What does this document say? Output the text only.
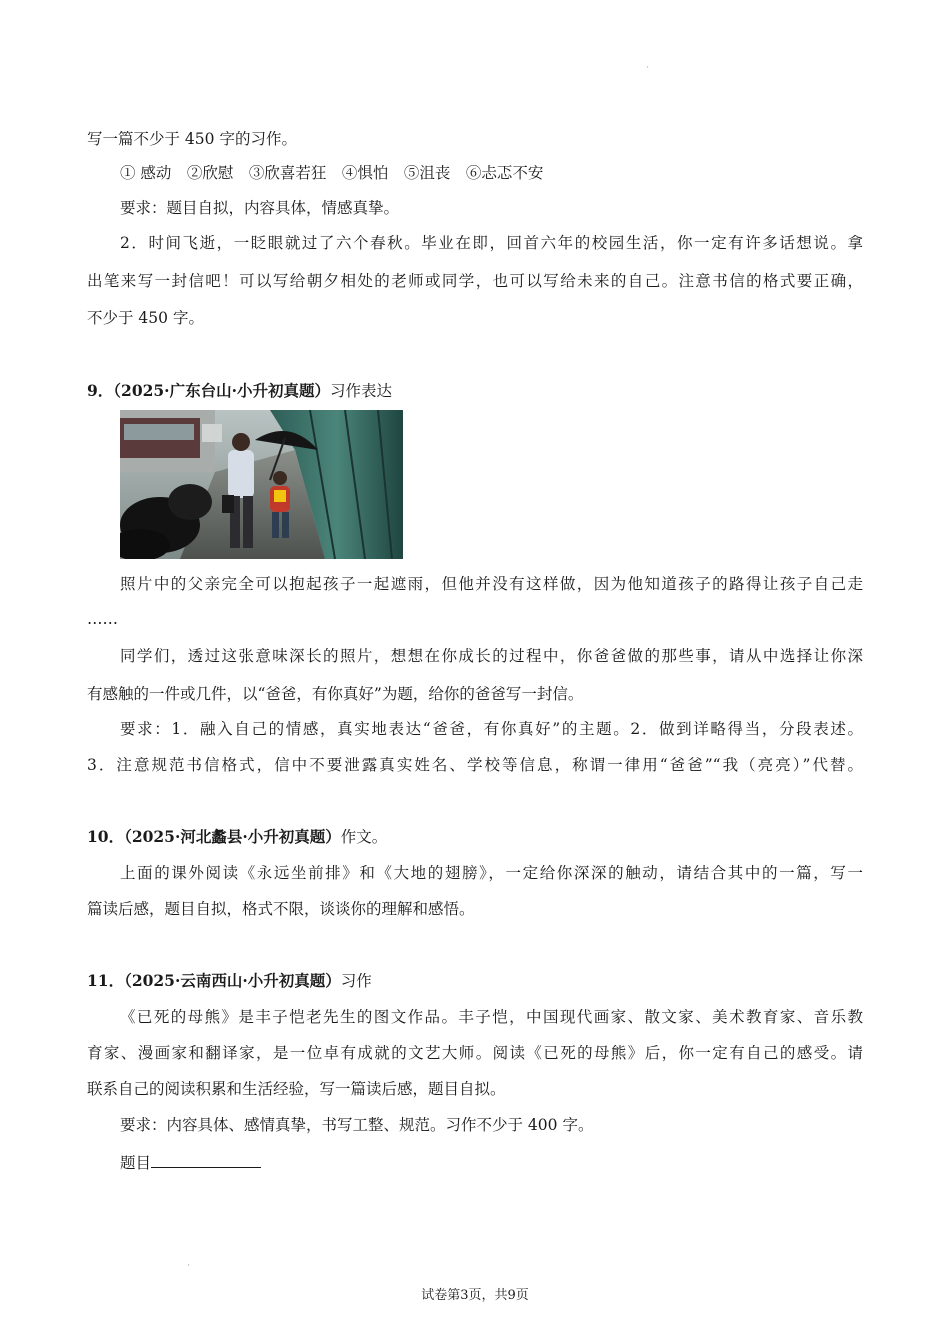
'
写一篇不少于 450 字的习作。
① 感动　②欣慰　③欣喜若狂　④惧怕　⑤沮丧　⑥忐忑不安
要求：题目自拟，内容具体，情感真挚。
2．时间飞逝，一眨眼就过了六个春秋。毕业在即，回首六年的校园生活，你一定有许多话想说。拿
出笔来写一封信吧！可以写给朝夕相处的老师或同学，也可以写给未来的自己。注意书信的格式要正确，
不少于 450 字。
9．（2025·广东台山·小升初真题）习作表达
照片中的父亲完全可以抱起孩子一起遮雨，但他并没有这样做，因为他知道孩子的路得让孩子自己走
……
同学们，透过这张意味深长的照片，想想在你成长的过程中，你爸爸做的那些事，请从中选择让你深
有感触的一件或几件，以“爸爸，有你真好”为题，给你的爸爸写一封信。
要求：1．融入自己的情感，真实地表达“爸爸，有你真好”的主题。2．做到详略得当，分段表述。
3．注意规范书信格式，信中不要泄露真实姓名、学校等信息，称谓一律用“爸爸”“我（亮亮）”代替。
10．（2025·河北蠡县·小升初真题）作文。
上面的课外阅读《永远坐前排》和《大地的翅膀》，一定给你深深的触动，请结合其中的一篇，写一
篇读后感，题目自拟，格式不限，谈谈你的理解和感悟。
11．（2025·云南西山·小升初真题）习作
《已死的母熊》是丰子恺老先生的图文作品。丰子恺，中国现代画家、散文家、美术教育家、音乐教
育家、漫画家和翻译家，是一位卓有成就的文艺大师。阅读《已死的母熊》后，你一定有自己的感受。请
联系自己的阅读积累和生活经验，写一篇读后感，题目自拟。
要求：内容具体、感情真挚，书写工整、规范。习作不少于 400 字。
题目
'
试卷第3页，共9页
